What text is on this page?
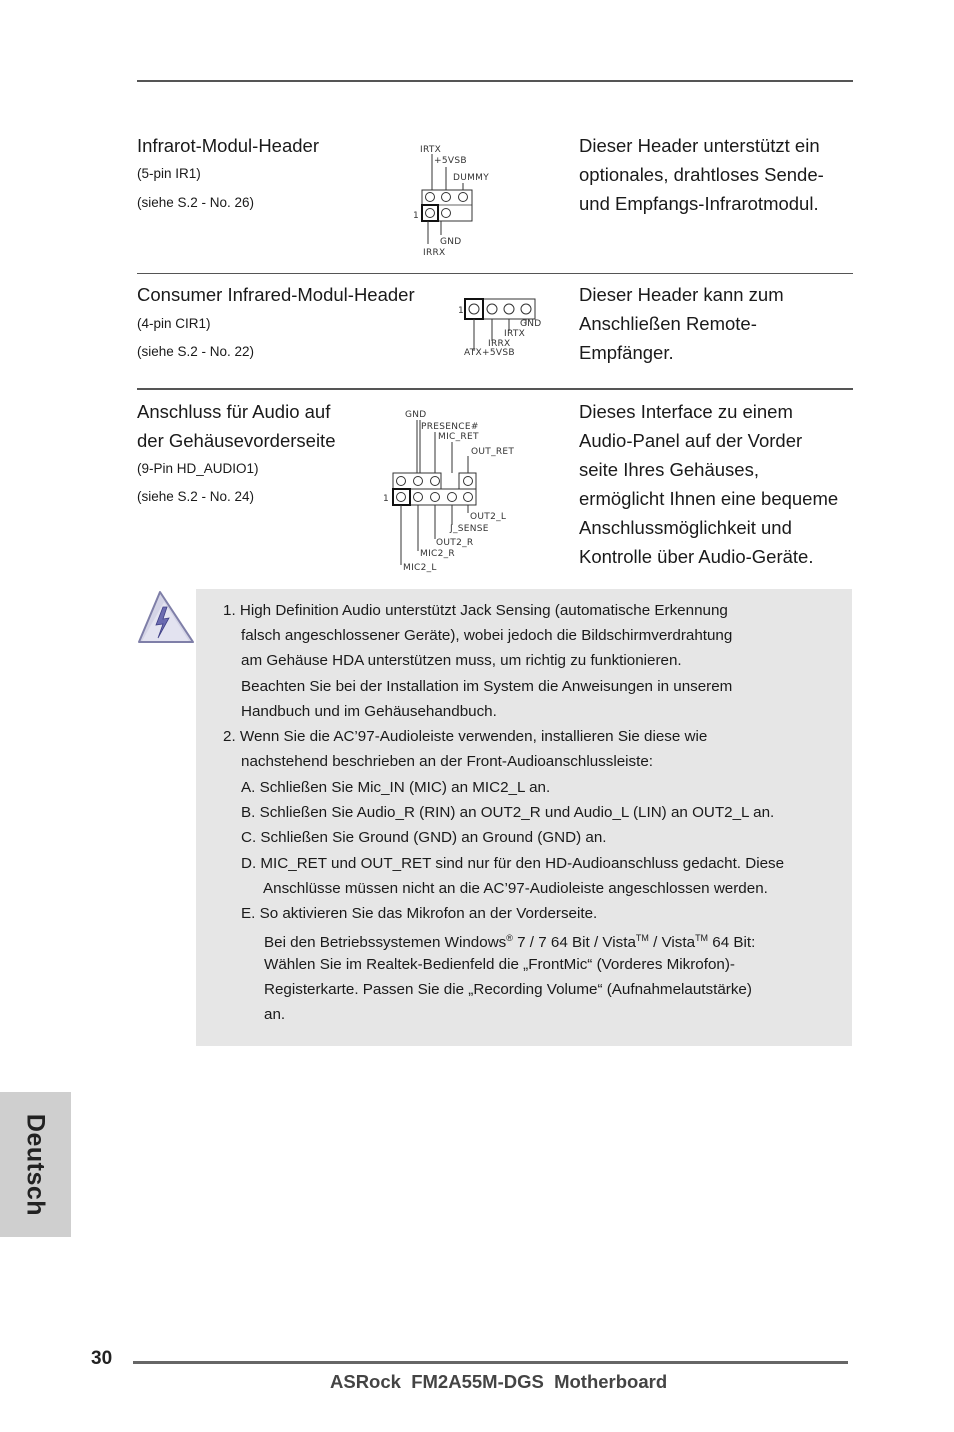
Infrarot-Modul-Header
(5-pin IR1)
(siehe S.2 - No. 26)
IRTX
+5VSB
DUMMY
1
GND
IRRX
Dieser Header unterstützt ein
optionales, drahtloses Sende-
und Empfangs-Infrarotmodul.
Consumer Infrared-Modul-Header
(4-pin CIR1)
(siehe S.2 - No. 22)
1
GND
IRTX
IRRX
ATX+5VSB
Dieser Header kann zum
Anschließen Remote-
Empfänger.
Anschluss für Audio auf
der Gehäusevorderseite
(9-Pin HD_AUDIO1)
(siehe S.2 - No. 24)
GND
PRESENCE#
MIC_RET
OUT_RET
1
OUT2_L
J_SENSE
OUT2_R
MIC2_R
MIC2_L
Dieses Interface zu einem
Audio-Panel auf der Vorder
seite Ihres Gehäuses,
ermöglicht Ihnen eine bequeme
Anschlussmöglichkeit und
Kontrolle über Audio-Geräte.
1. High Definition Audio unterstützt Jack Sensing (automatische Erkennung
falsch angeschlossener Geräte), wobei jedoch die Bildschirmverdrahtung
am Gehäuse HDA unterstützen muss, um richtig zu funktionieren.
Beachten Sie bei der Installation im System die Anweisungen in unserem
Handbuch und im Gehäusehandbuch.
2. Wenn Sie die AC’97-Audioleiste verwenden, installieren Sie diese wie
nachstehend beschrieben an der Front-Audioanschlussleiste:
A. Schließen Sie Mic_IN (MIC) an MIC2_L an.
B. Schließen Sie Audio_R (RIN) an OUT2_R und Audio_L (LIN) an OUT2_L an.
C. Schließen Sie Ground (GND) an Ground (GND) an.
D. MIC_RET und OUT_RET sind nur für den HD-Audioanschluss gedacht. Diese
Anschlüsse müssen nicht an die AC’97-Audioleiste angeschlossen werden.
E. So aktivieren Sie das Mikrofon an der Vorderseite.
Bei den Betriebssystemen Windows® 7 / 7 64 Bit / Vista™ / Vista™ 64 Bit:
Wählen Sie im Realtek-Bedienfeld die „FrontMic“ (Vorderes Mikrofon)-
Registerkarte. Passen Sie die „Recording Volume“ (Aufnahmelautstärke)
an.
Deutsch
30
ASRock  FM2A55M-DGS  Motherboard
